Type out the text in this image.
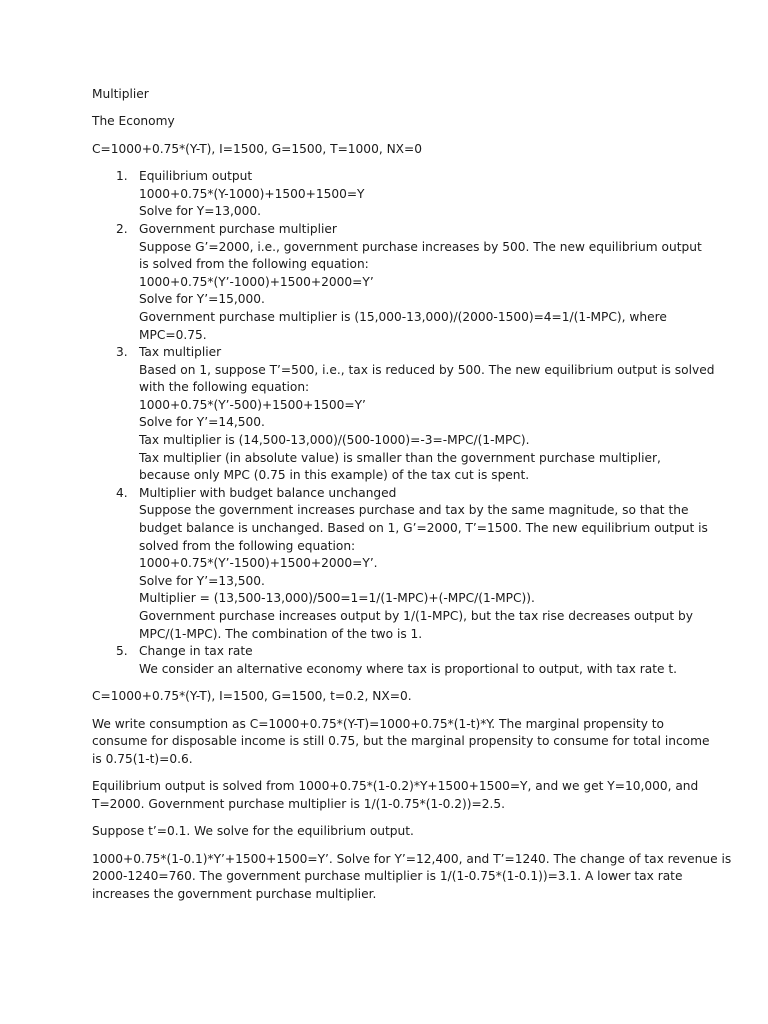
Multiplier

The Economy

C=1000+0.75*(Y-T), I=1500, G=1500, T=1000, NX=0

1. Equilibrium output
1000+0.75*(Y-1000)+1500+1500=Y
Solve for Y=13,000.
2. Government purchase multiplier
Suppose G’=2000, i.e., government purchase increases by 500. The new equilibrium output
is solved from the following equation:
1000+0.75*(Y’-1000)+1500+2000=Y’
Solve for Y’=15,000.
Government purchase multiplier is (15,000-13,000)/(2000-1500)=4=1/(1-MPC), where
MPC=0.75.
3. Tax multiplier
Based on 1, suppose T’=500, i.e., tax is reduced by 500. The new equilibrium output is solved
with the following equation:
1000+0.75*(Y’-500)+1500+1500=Y’
Solve for Y’=14,500.
Tax multiplier is (14,500-13,000)/(500-1000)=-3=-MPC/(1-MPC).
Tax multiplier (in absolute value) is smaller than the government purchase multiplier,
because only MPC (0.75 in this example) of the tax cut is spent.
4. Multiplier with budget balance unchanged
Suppose the government increases purchase and tax by the same magnitude, so that the
budget balance is unchanged. Based on 1, G’=2000, T’=1500. The new equilibrium output is
solved from the following equation:
1000+0.75*(Y’-1500)+1500+2000=Y’.
Solve for Y’=13,500.
Multiplier = (13,500-13,000)/500=1=1/(1-MPC)+(-MPC/(1-MPC)).
Government purchase increases output by 1/(1-MPC), but the tax rise decreases output by
MPC/(1-MPC). The combination of the two is 1.
5. Change in tax rate
We consider an alternative economy where tax is proportional to output, with tax rate t.

C=1000+0.75*(Y-T), I=1500, G=1500, t=0.2, NX=0.

We write consumption as C=1000+0.75*(Y-T)=1000+0.75*(1-t)*Y. The marginal propensity to
consume for disposable income is still 0.75, but the marginal propensity to consume for total income
is 0.75(1-t)=0.6.

Equilibrium output is solved from 1000+0.75*(1-0.2)*Y+1500+1500=Y, and we get Y=10,000, and
T=2000. Government purchase multiplier is 1/(1-0.75*(1-0.2))=2.5.

Suppose t’=0.1. We solve for the equilibrium output.

1000+0.75*(1-0.1)*Y’+1500+1500=Y’. Solve for Y’=12,400, and T’=1240. The change of tax revenue is
2000-1240=760. The government purchase multiplier is 1/(1-0.75*(1-0.1))=3.1. A lower tax rate
increases the government purchase multiplier.
